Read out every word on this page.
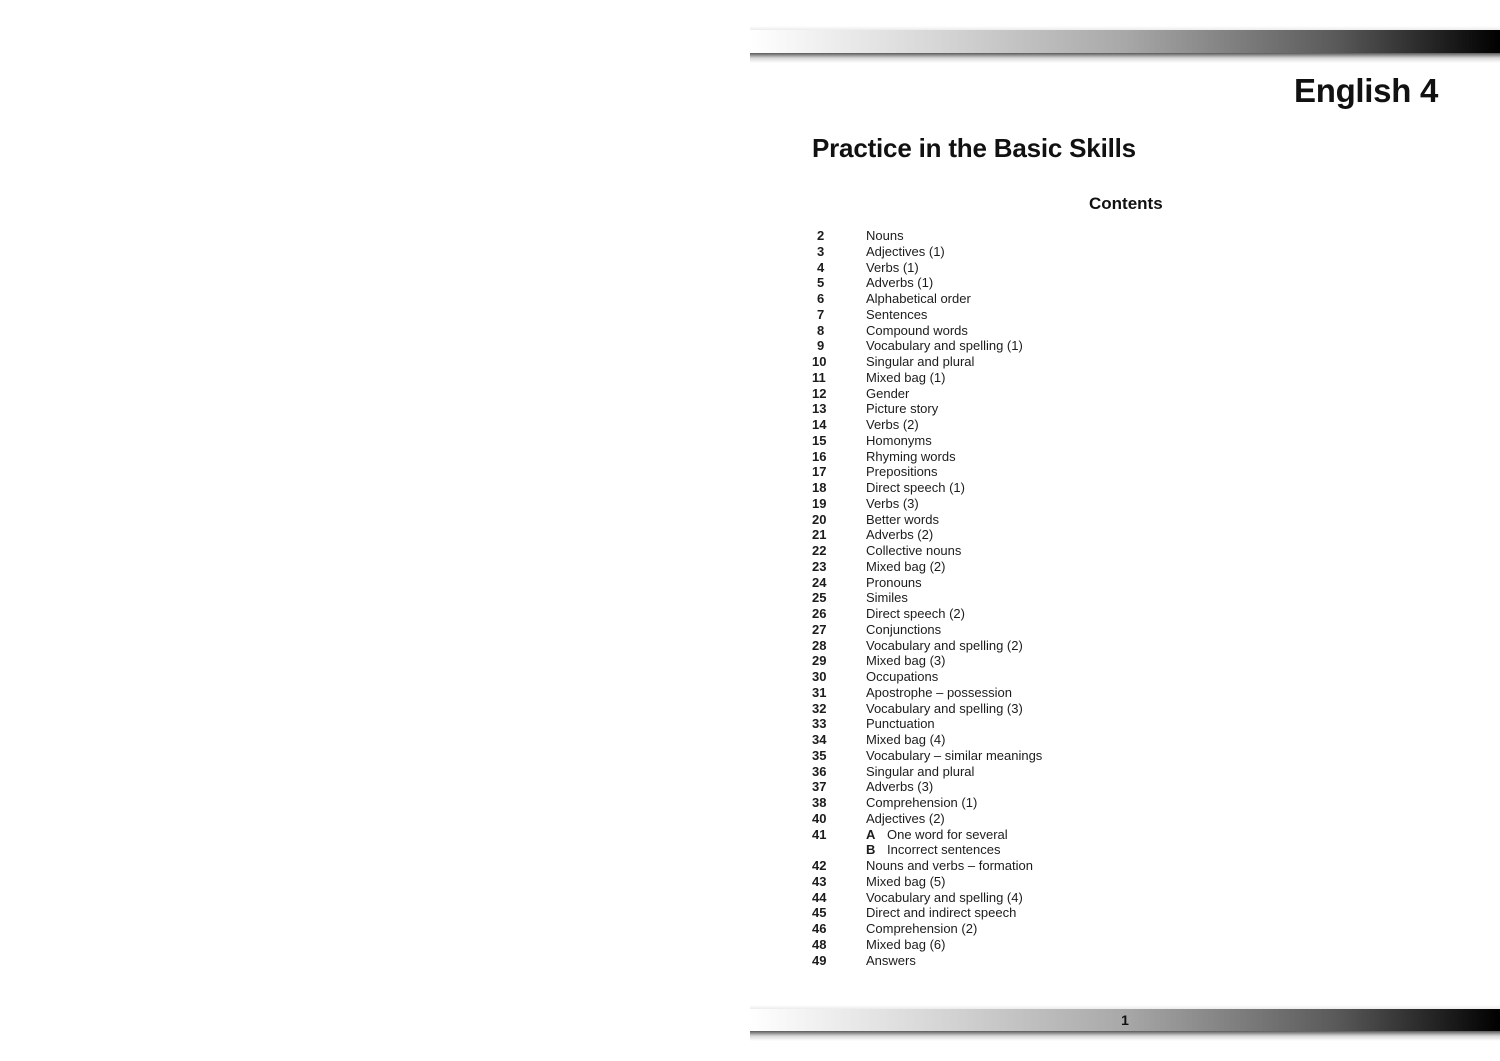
English 4
Practice in the Basic Skills
Contents
2	Nouns
3	Adjectives (1)
4	Verbs (1)
5	Adverbs (1)
6	Alphabetical order
7	Sentences
8	Compound words
9	Vocabulary and spelling (1)
10	Singular and plural
11	Mixed bag (1)
12	Gender
13	Picture story
14	Verbs (2)
15	Homonyms
16	Rhyming words
17	Prepositions
18	Direct speech (1)
19	Verbs (3)
20	Better words
21	Adverbs (2)
22	Collective nouns
23	Mixed bag (2)
24	Pronouns
25	Similes
26	Direct speech (2)
27	Conjunctions
28	Vocabulary and spelling (2)
29	Mixed bag (3)
30	Occupations
31	Apostrophe – possession
32	Vocabulary and spelling (3)
33	Punctuation
34	Mixed bag (4)
35	Vocabulary – similar meanings
36	Singular and plural
37	Adverbs (3)
38	Comprehension (1)
40	Adjectives (2)
41	A One word for several
B Incorrect sentences
42	Nouns and verbs – formation
43	Mixed bag (5)
44	Vocabulary and spelling (4)
45	Direct and indirect speech
46	Comprehension (2)
48	Mixed bag (6)
49	Answers
1
